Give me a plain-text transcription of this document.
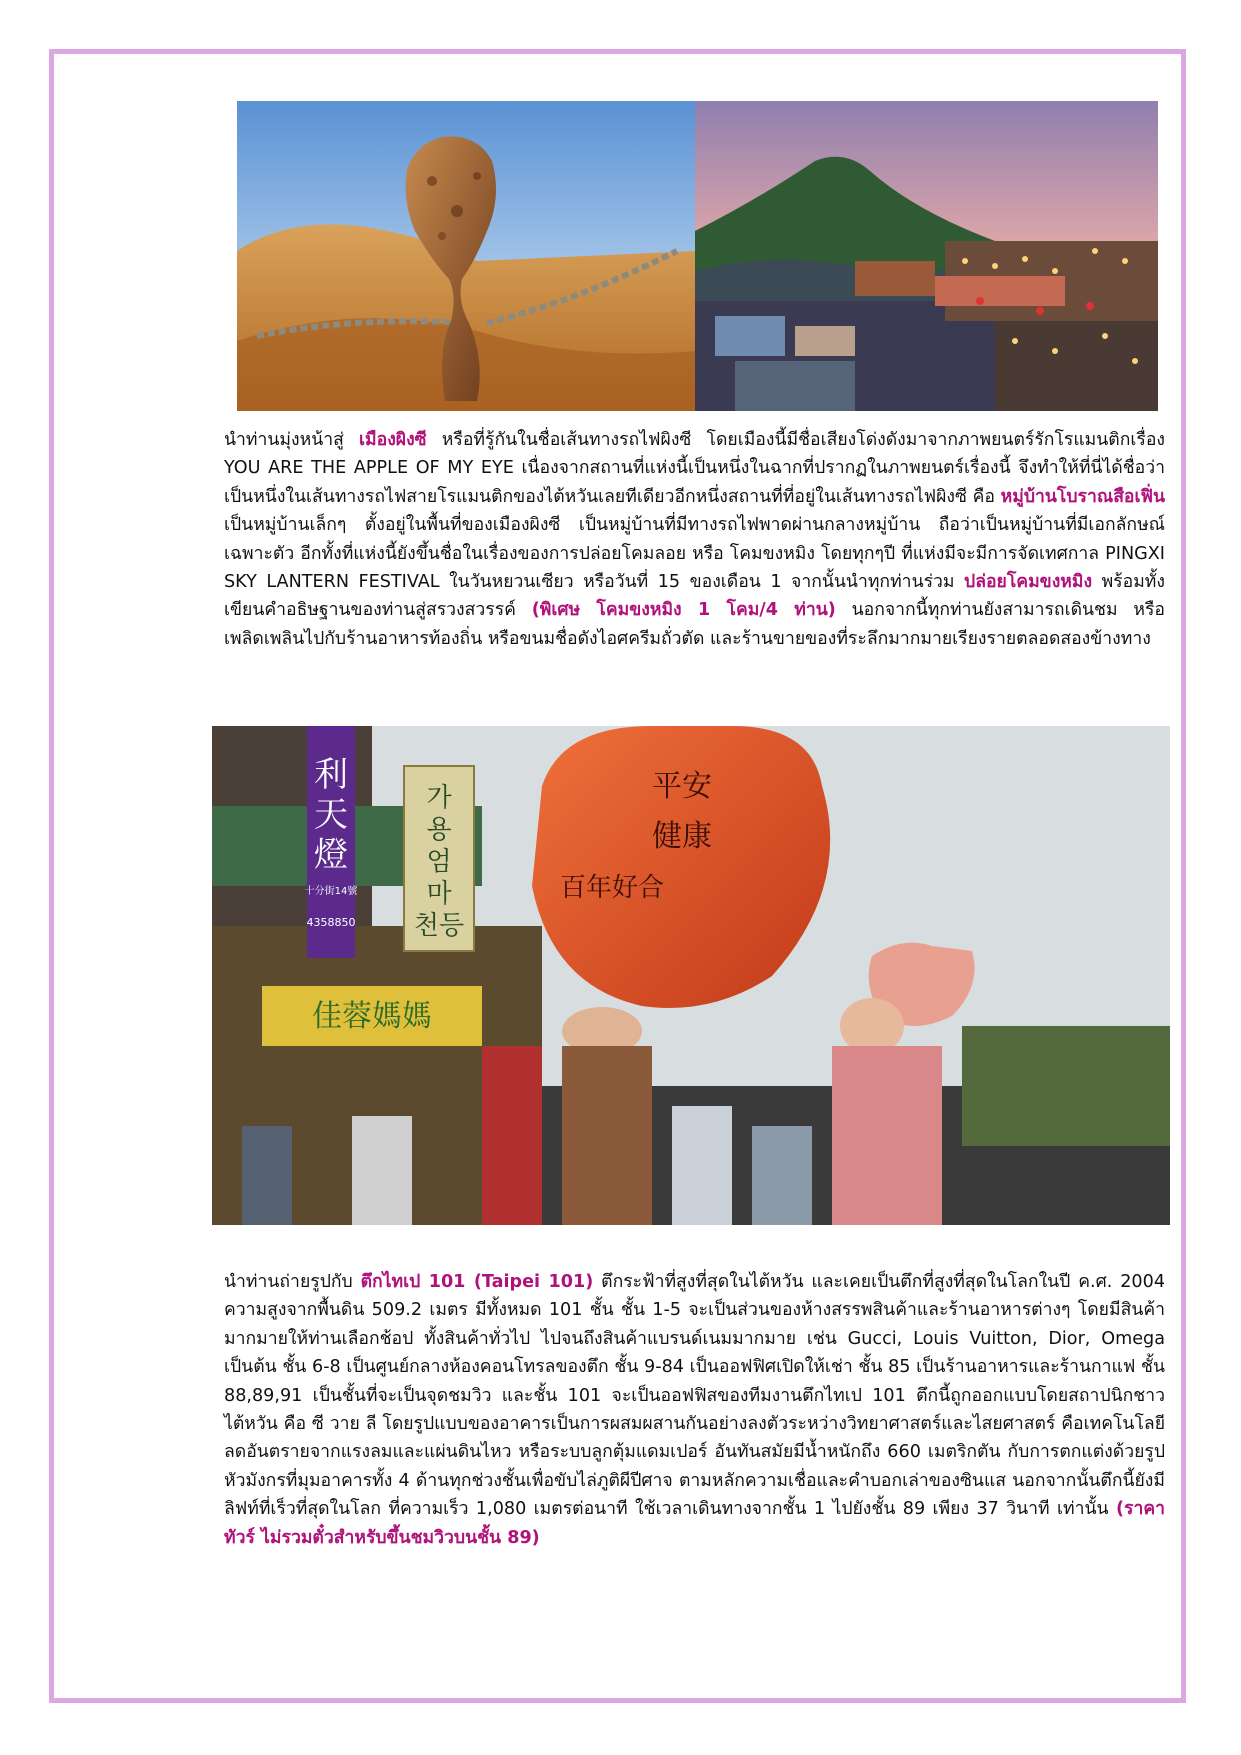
นำท่านมุ่งหน้าสู่ เมืองผิงซี หรือที่รู้กันในชื่อเส้นทางรถไฟผิงซี โดยเมืองนี้มีชื่อเสียงโด่งดังมาจากภาพยนตร์รักโรแมนติกเรื่อง YOU ARE THE APPLE OF MY EYE เนื่องจากสถานที่แห่งนี้เป็นหนึ่งในฉากที่ปรากฏในภาพยนตร์เรื่องนี้ จึงทำให้ที่นี่ได้ชื่อว่าเป็นหนึ่งในเส้นทางรถไฟสายโรแมนติกของไต้หวันเลยทีเดียวอีกหนึ่งสถานที่ที่อยู่ในเส้นทางรถไฟผิงซี คือ หมู่บ้านโบราณสือเฟิ่น เป็นหมู่บ้านเล็กๆ ตั้งอยู่ในพื้นที่ของเมืองผิงซี เป็นหมู่บ้านที่มีทางรถไฟพาดผ่านกลางหมู่บ้าน ถือว่าเป็นหมู่บ้านที่มีเอกลักษณ์เฉพาะตัว อีกทั้งที่แห่งนี้ยังขึ้นชื่อในเรื่องของการปล่อยโคมลอย หรือ โคมขงหมิง โดยทุกๆปี ที่แห่งมีจะมีการจัดเทศกาล PINGXI SKY LANTERN FESTIVAL ในวันหยวนเซียว หรือวันที่ 15 ของเดือน 1 จากนั้นนำทุกท่านร่วม ปล่อยโคมขงหมิง พร้อมทั้งเขียนคำอธิษฐานของท่านสู่สรวงสวรรค์ (พิเศษ โคมขงหมิง 1 โคม/4 ท่าน) นอกจากนี้ทุกท่านยังสามารถเดินชม หรือเพลิดเพลินไปกับร้านอาหารท้องถิ่น หรือขนมชื่อดังไอศครีมถั่วตัด และร้านขายของที่ระลึกมากมายเรียงรายตลอดสองข้างทาง

利
天
燈
十分街14號
4358850
가
용
엄
마
천등
佳蓉媽媽
平安
健康
百年好合

นำท่านถ่ายรูปกับ ตึกไทเป 101 (Taipei 101) ตึกระฟ้าที่สูงที่สุดในไต้หวัน และเคยเป็นตึกที่สูงที่สุดในโลกในปี ค.ศ. 2004 ความสูงจากพื้นดิน 509.2 เมตร มีทั้งหมด 101 ชั้น ชั้น 1-5 จะเป็นส่วนของห้างสรรพสินค้าและร้านอาหารต่างๆ โดยมีสินค้ามากมายให้ท่านเลือกช้อป ทั้งสินค้าทั่วไป ไปจนถึงสินค้าแบรนด์เนมมากมาย เช่น Gucci, Louis Vuitton, Dior, Omega เป็นต้น ชั้น 6-8 เป็นศูนย์กลางห้องคอนโทรลของตึก ชั้น 9-84 เป็นออฟฟิศเปิดให้เช่า ชั้น 85 เป็นร้านอาหารและร้านกาแฟ ชั้น 88,89,91 เป็นชั้นที่จะเป็นจุดชมวิว และชั้น 101 จะเป็นออฟฟิสของทีมงานตึกไทเป 101 ตึกนี้ถูกออกแบบโดยสถาปนิกชาวไต้หวัน คือ ซี วาย ลี โดยรูปแบบของอาคารเป็นการผสมผสานกันอย่างลงตัวระหว่างวิทยาศาสตร์และไสยศาสตร์ คือเทคโนโลยีลดอันตรายจากแรงลมและแผ่นดินไหว หรือระบบลูกตุ้มแดมเปอร์ อันทันสมัยมีน้ำหนักถึง 660 เมตริกตัน กับการตกแต่งด้วยรูปหัวมังกรที่มุมอาคารทั้ง 4 ด้านทุกช่วงชั้นเพื่อขับไล่ภูติผีปีศาจ ตามหลักความเชื่อและคำบอกเล่าของซินแส นอกจากนั้นตึกนี้ยังมีลิฟท์ที่เร็วที่สุดในโลก ที่ความเร็ว 1,080 เมตรต่อนาที ใช้เวลาเดินทางจากชั้น 1 ไปยังชั้น 89 เพียง 37 วินาที เท่านั้น (ราคาทัวร์ ไม่รวมตั๋วสำหรับขึ้นชมวิวบนชั้น 89)
